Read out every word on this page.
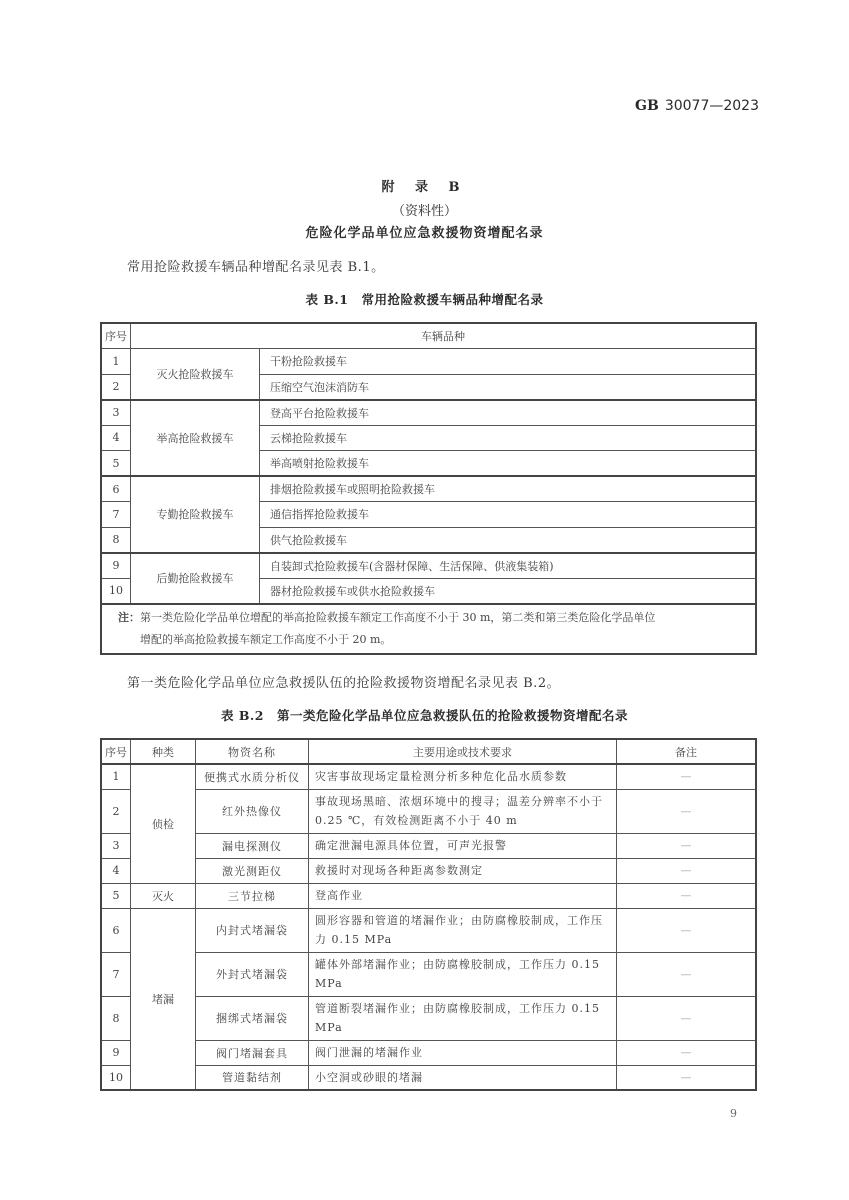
GB 30077—2023
附 录 B
（资料性）
危险化学品单位应急救援物资增配名录
常用抢险救援车辆品种增配名录见表 B.1。
表 B.1　常用抢险救援车辆品种增配名录
序号	车辆品种	
1	灭火抢险救援车	干粉抢险救援车
2		压缩空气泡沫消防车
3	举高抢险救援车	登高平台抢险救援车
4		云梯抢险救援车
5		举高喷射抢险救援车
6	专勤抢险救援车	排烟抢险救援车或照明抢险救援车
7		通信指挥抢险救援车
8		供气抢险救援车
9	后勤抢险救援车	自装卸式抢险救援车(含器材保障、生活保障、供液集装箱)
10		器材抢险救援车或供水抢险救援车
注：第一类危险化学品单位增配的举高抢险救援车额定工作高度不小于 30 m，第二类和第三类危险化学品单位
增配的举高抢险救援车额定工作高度不小于 20 m。		
第一类危险化学品单位应急救援队伍的抢险救援物资增配名录见表 B.2。
表 B.2　第一类危险化学品单位应急救援队伍的抢险救援物资增配名录
序号	种类	物资名称	主要用途或技术要求	备注
1	侦检	便携式水质分析仪	灾害事故现场定量检测分析多种危化品水质参数	—
2		红外热像仪	事故现场黑暗、浓烟环境中的搜寻；温差分辨率不小于 0.25 ℃，有效检测距离不小于 40 m	—
3		漏电探测仪	确定泄漏电源具体位置，可声光报警	—
4		激光测距仪	救援时对现场各种距离参数测定	—
5	灭火	三节拉梯	登高作业	—
6	堵漏	内封式堵漏袋	圆形容器和管道的堵漏作业；由防腐橡胶制成，工作压力 0.15 MPa	—
7		外封式堵漏袋	罐体外部堵漏作业；由防腐橡胶制成，工作压力 0.15 MPa	—
8		捆绑式堵漏袋	管道断裂堵漏作业；由防腐橡胶制成，工作压力 0.15 MPa	—
9		阀门堵漏套具	阀门泄漏的堵漏作业	—
10		管道黏结剂	小空洞或砂眼的堵漏	—
9
